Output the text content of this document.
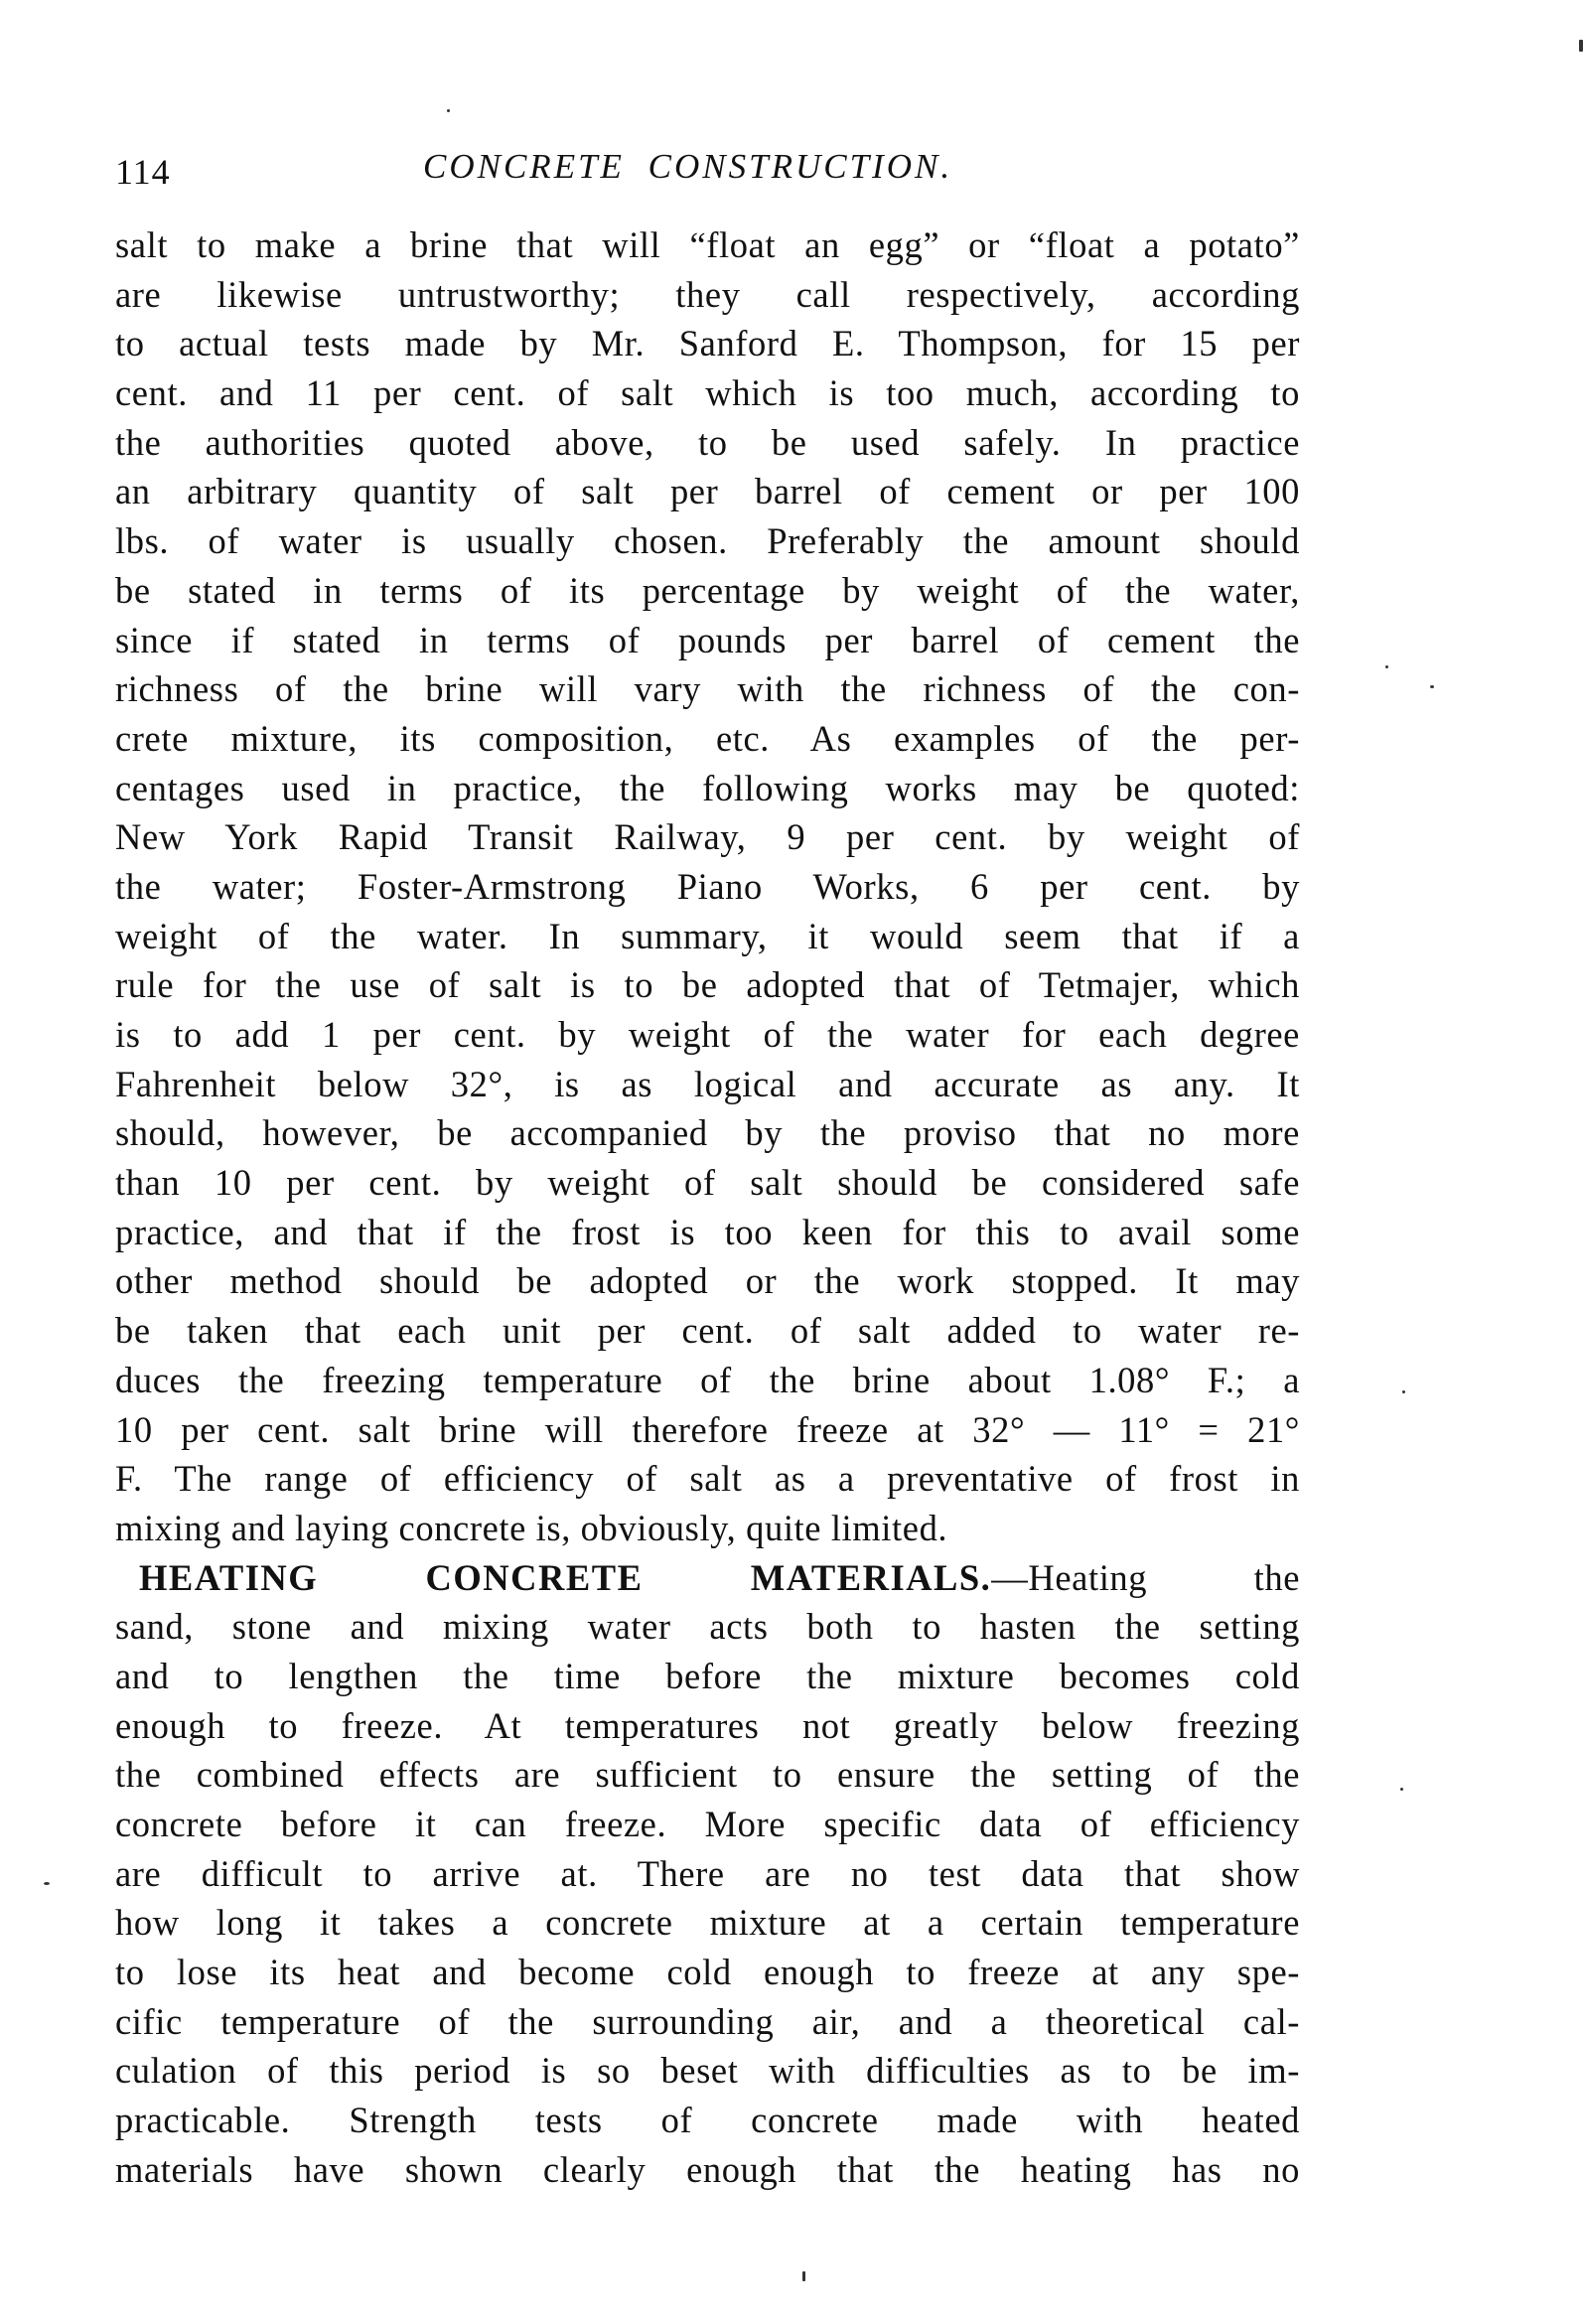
114	CONCRETE CONSTRUCTION.
salt to make a brine that will “float an egg” or “float a potato”
are likewise untrustworthy; they call respectively, according
to actual tests made by Mr. Sanford E. Thompson, for 15 per
cent. and 11 per cent. of salt which is too much, according to
the authorities quoted above, to be used safely. In practice
an arbitrary quantity of salt per barrel of cement or per 100
lbs. of water is usually chosen. Preferably the amount should
be stated in terms of its percentage by weight of the water,
since if stated in terms of pounds per barrel of cement the
richness of the brine will vary with the richness of the con-
crete mixture, its composition, etc. As examples of the per-
centages used in practice, the following works may be quoted:
New York Rapid Transit Railway, 9 per cent. by weight of
the water; Foster-Armstrong Piano Works, 6 per cent. by
weight of the water. In summary, it would seem that if a
rule for the use of salt is to be adopted that of Tetmajer, which
is to add 1 per cent. by weight of the water for each degree
Fahrenheit below 32°, is as logical and accurate as any. It
should, however, be accompanied by the proviso that no more
than 10 per cent. by weight of salt should be considered safe
practice, and that if the frost is too keen for this to avail some
other method should be adopted or the work stopped. It may
be taken that each unit per cent. of salt added to water re-
duces the freezing temperature of the brine about 1.08° F.; a
10 per cent. salt brine will therefore freeze at 32° — 11° = 21°
F. The range of efficiency of salt as a preventative of frost in
mixing and laying concrete is, obviously, quite limited.
HEATING CONCRETE MATERIALS.—Heating the
sand, stone and mixing water acts both to hasten the setting
and to lengthen the time before the mixture becomes cold
enough to freeze. At temperatures not greatly below freezing
the combined effects are sufficient to ensure the setting of the
concrete before it can freeze. More specific data of efficiency
are difficult to arrive at. There are no test data that show
how long it takes a concrete mixture at a certain temperature
to lose its heat and become cold enough to freeze at any spe-
cific temperature of the surrounding air, and a theoretical cal-
culation of this period is so beset with difficulties as to be im-
practicable. Strength tests of concrete made with heated
materials have shown clearly enough that the heating has no
